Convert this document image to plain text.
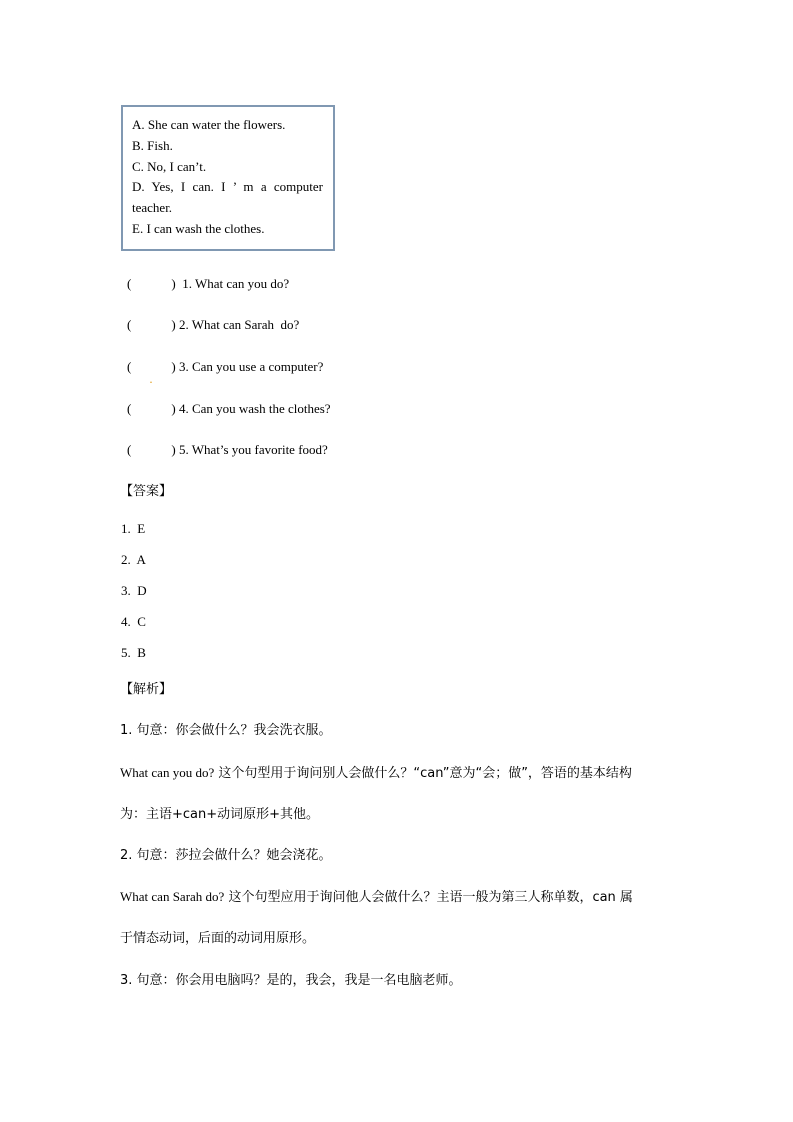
A. She can water the flowers.
B. Fish.
C. No, I can’t.
D. Yes, I can. I ’ m a computer
teacher.
E. I can wash the clothes.
(	)  1. What can you do?
(	) 2. What can Sarah  do?
(
.
) 3. Can you use a computer?
(	) 4. Can you wash the clothes?
(	) 5. What’s you favorite food?
【答案】
1.  E
2.  A
3.  D
4.  C
5.  B
【解析】
1. 句意：你会做什么？我会洗衣服。
What can you do? 这个句型用于询问别人会做什么？“can”意为“会；做”，答语的基本结构
为：主语+can+动词原形+其他。
2. 句意：莎拉会做什么？她会浇花。
What can Sarah do? 这个句型应用于询问他人会做什么？主语一般为第三人称单数，can 属
于情态动词，后面的动词用原形。
3. 句意：你会用电脑吗？是的，我会，我是一名电脑老师。
